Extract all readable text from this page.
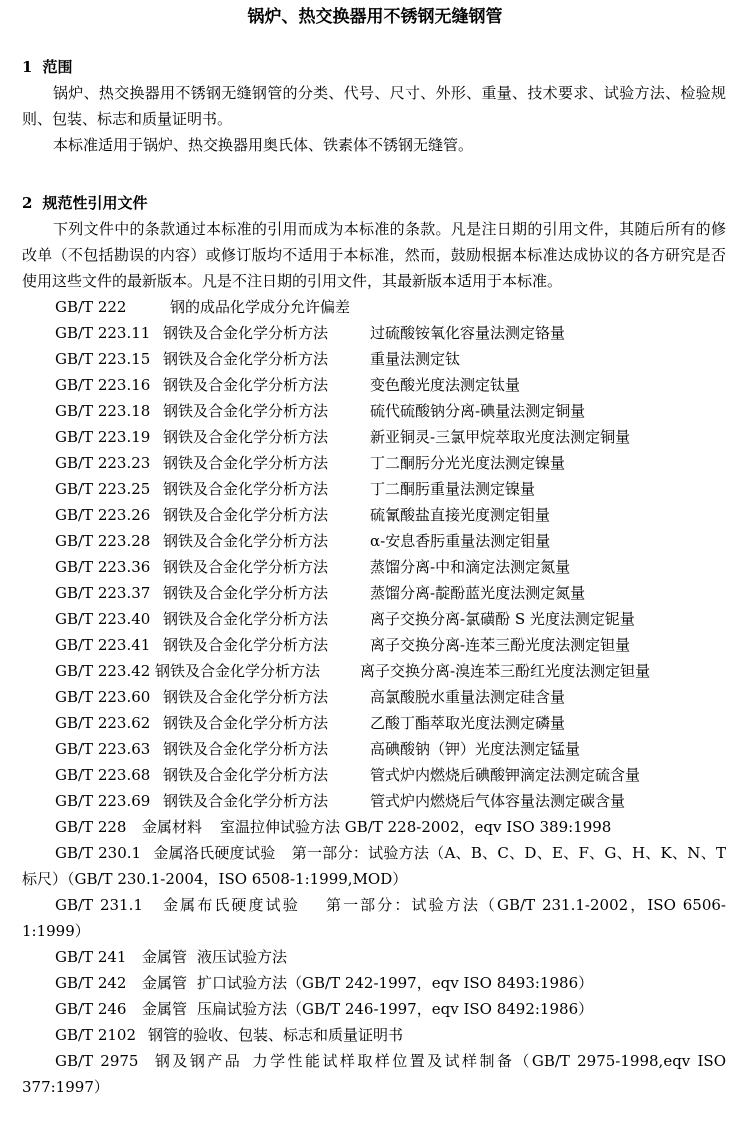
锅炉、热交换器用不锈钢无缝钢管
1 范围
锅炉、热交换器用不锈钢无缝钢管的分类、代号、尺寸、外形、重量、技术要求、试验方法、检验规则、包装、标志和质量证明书。
本标准适用于锅炉、热交换器用奥氏体、铁素体不锈钢无缝管。
2 规范性引用文件
下列文件中的条款通过本标准的引用而成为本标准的条款。凡是注日期的引用文件，其随后所有的修改单（不包括勘误的内容）或修订版均不适用于本标准，然而，鼓励根据本标准达成协议的各方研究是否使用这些文件的最新版本。凡是不注日期的引用文件，其最新版本适用于本标准。
GB/T 222	钢的成品化学成分允许偏差
GB/T 223.11 钢铁及合金化学分析方法	过硫酸铵氧化容量法测定铬量
GB/T 223.15 钢铁及合金化学分析方法	重量法测定钛
GB/T 223.16 钢铁及合金化学分析方法	变色酸光度法测定钛量
GB/T 223.18 钢铁及合金化学分析方法	硫代硫酸钠分离-碘量法测定铜量
GB/T 223.19 钢铁及合金化学分析方法	新亚铜灵-三氯甲烷萃取光度法测定铜量
GB/T 223.23 钢铁及合金化学分析方法	丁二酮肟分光光度法测定镍量
GB/T 223.25 钢铁及合金化学分析方法	丁二酮肟重量法测定镍量
GB/T 223.26 钢铁及合金化学分析方法	硫氰酸盐直接光度测定钼量
GB/T 223.28 钢铁及合金化学分析方法	α-安息香肟重量法测定钼量
GB/T 223.36 钢铁及合金化学分析方法	蒸馏分离-中和滴定法测定氮量
GB/T 223.37 钢铁及合金化学分析方法	蒸馏分离-靛酚蓝光度法测定氮量
GB/T 223.40 钢铁及合金化学分析方法	离子交换分离-氯磺酚 S 光度法测定铌量
GB/T 223.41 钢铁及合金化学分析方法	离子交换分离-连苯三酚光度法测定钽量
GB/T 223.42 钢铁及合金化学分析方法	离子交换分离-溴连苯三酚红光度法测定钽量
GB/T 223.60 钢铁及合金化学分析方法	高氯酸脱水重量法测定硅含量
GB/T 223.62 钢铁及合金化学分析方法	乙酸丁酯萃取光度法测定磷量
GB/T 223.63 钢铁及合金化学分析方法	高碘酸钠（钾）光度法测定锰量
GB/T 223.68 钢铁及合金化学分析方法	管式炉内燃烧后碘酸钾滴定法测定硫含量
GB/T 223.69 钢铁及合金化学分析方法	管式炉内燃烧后气体容量法测定碳含量
GB/T 228 金属材料 室温拉伸试验方法 GB/T 228-2002，eqv ISO 389:1998
GB/T 230.1 金属洛氏硬度试验 第一部分：试验方法（A、B、C、D、E、F、G、H、K、N、T 标尺）（GB/T 230.1-2004，ISO 6508-1:1999,MOD）
GB/T 231.1 金属布氏硬度试验 第一部分：试验方法（GB/T 231.1-2002，ISO 6506-1:1999）
GB/T 241 金属管 液压试验方法
GB/T 242 金属管 扩口试验方法（GB/T 242-1997，eqv ISO 8493:1986）
GB/T 246 金属管 压扁试验方法（GB/T 246-1997，eqv ISO 8492:1986）
GB/T 2102 钢管的验收、包装、标志和质量证明书
GB/T 2975 钢及钢产品 力学性能试样取样位置及试样制备（GB/T 2975-1998,eqv ISO 377:1997）
